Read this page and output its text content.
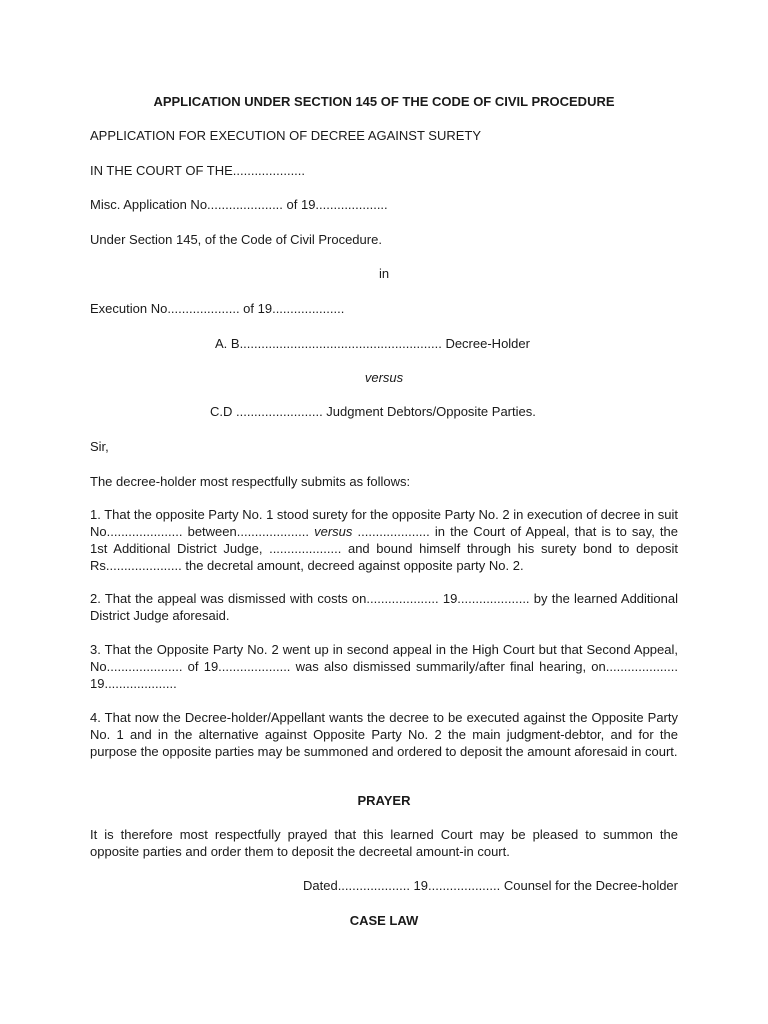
APPLICATION UNDER SECTION 145 OF THE CODE OF CIVIL PROCEDURE
APPLICATION FOR EXECUTION OF DECREE AGAINST SURETY
IN THE COURT OF THE....................
Misc. Application No..................... of 19....................
Under Section 145, of the Code of Civil Procedure.
in
Execution No.................... of 19....................
A. B........................................................ Decree-Holder
versus
C.D ........................ Judgment Debtors/Opposite Parties.
Sir,
The decree-holder most respectfully submits as follows:
1. That the opposite Party No. 1 stood surety for the opposite Party No. 2 in execution of decree in suit No..................... between.................... versus .................... in the Court of Appeal, that is to say, the 1st Additional District Judge, .................... and bound himself through his surety bond to deposit Rs..................... the decretal amount, decreed against opposite party No. 2.
2. That the appeal was dismissed with costs on.................... 19.................... by the learned Additional District Judge aforesaid.
3. That the Opposite Party No. 2 went up in second appeal in the High Court but that Second Appeal, No..................... of 19.................... was also dismissed summarily/after final hearing, on.................... 19....................
4. That now the Decree-holder/Appellant wants the decree to be executed against the Opposite Party No. 1 and in the alternative against Opposite Party No. 2 the main judgment-debtor, and for the purpose the opposite parties may be summoned and ordered to deposit the amount aforesaid in court.
PRAYER
It is therefore most respectfully prayed that this learned Court may be pleased to summon the opposite parties and order them to deposit the decreetal amount-in court.
Dated.................... 19.................... Counsel for the Decree-holder
CASE LAW
